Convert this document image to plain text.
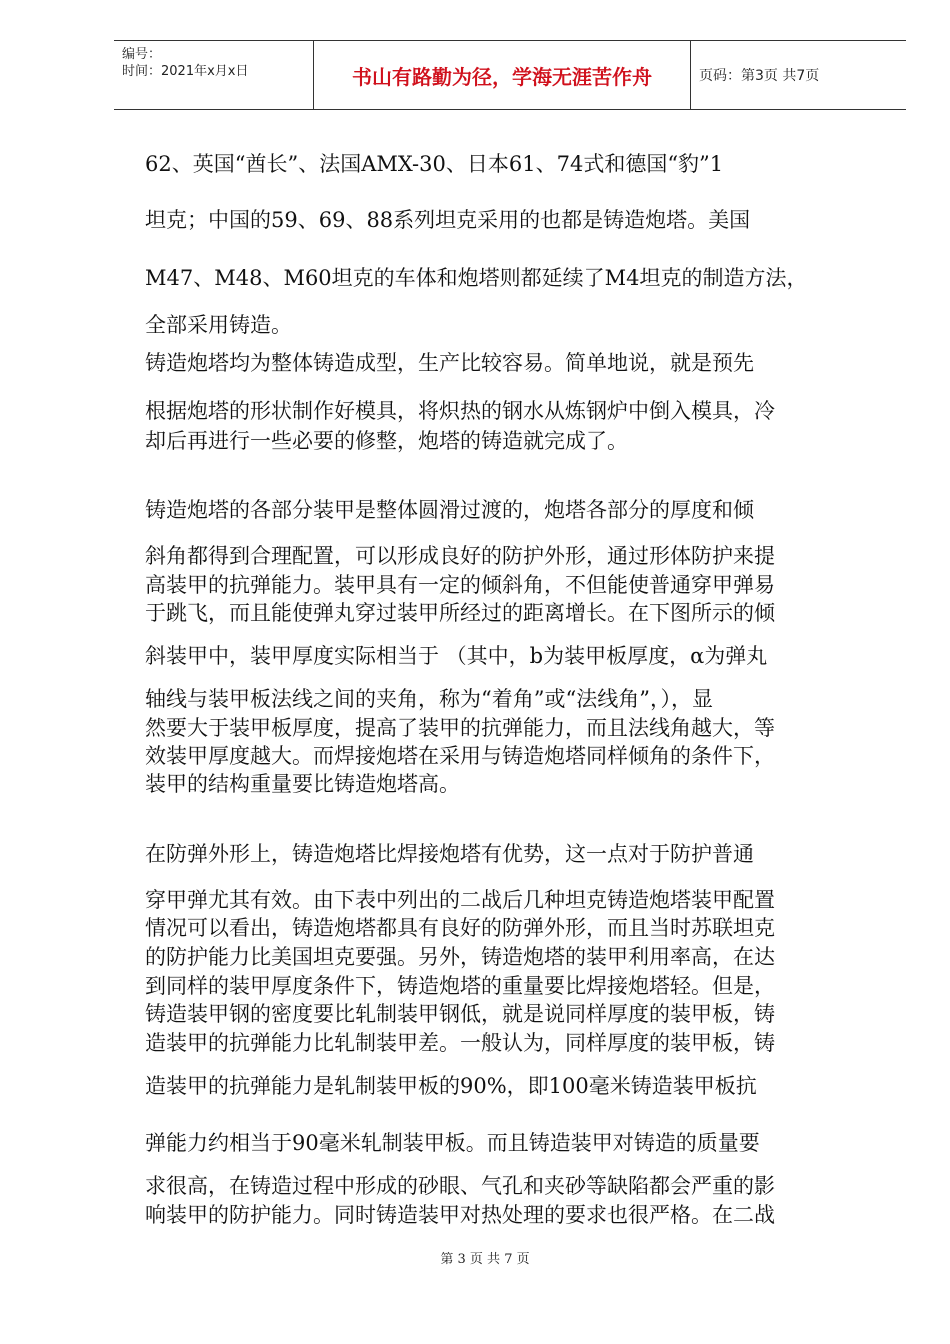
编号：
时间：2021年x月x日	书山有路勤为径，学海无涯苦作舟	页码：第3页 共7页
62、英国“酋长”、法国AMX-30、日本61、74式和德国“豹”1
坦克；中国的59、69、88系列坦克采用的也都是铸造炮塔。美国
M47、M48、M60坦克的车体和炮塔则都延续了M4坦克的制造方法，
全部采用铸造。
铸造炮塔均为整体铸造成型，生产比较容易。简单地说，就是预先
根据炮塔的形状制作好模具，将炽热的钢水从炼钢炉中倒入模具，冷
却后再进行一些必要的修整，炮塔的铸造就完成了。
铸造炮塔的各部分装甲是整体圆滑过渡的，炮塔各部分的厚度和倾
斜角都得到合理配置，可以形成良好的防护外形，通过形体防护来提
高装甲的抗弹能力。装甲具有一定的倾斜角，不但能使普通穿甲弹易
于跳飞，而且能使弹丸穿过装甲所经过的距离增长。在下图所示的倾
斜装甲中，装甲厚度实际相当于 （其中，b为装甲板厚度，α为弹丸
轴线与装甲板法线之间的夹角，称为“着角”或“法线角”，），显
然要大于装甲板厚度，提高了装甲的抗弹能力，而且法线角越大，等
效装甲厚度越大。而焊接炮塔在采用与铸造炮塔同样倾角的条件下，
装甲的结构重量要比铸造炮塔高。
在防弹外形上，铸造炮塔比焊接炮塔有优势，这一点对于防护普通
穿甲弹尤其有效。由下表中列出的二战后几种坦克铸造炮塔装甲配置
情况可以看出，铸造炮塔都具有良好的防弹外形，而且当时苏联坦克
的防护能力比美国坦克要强。另外，铸造炮塔的装甲利用率高，在达
到同样的装甲厚度条件下，铸造炮塔的重量要比焊接炮塔轻。但是，
铸造装甲钢的密度要比轧制装甲钢低，就是说同样厚度的装甲板，铸
造装甲的抗弹能力比轧制装甲差。一般认为，同样厚度的装甲板，铸
造装甲的抗弹能力是轧制装甲板的90%，即100毫米铸造装甲板抗
弹能力约相当于90毫米轧制装甲板。而且铸造装甲对铸造的质量要
求很高，在铸造过程中形成的砂眼、气孔和夹砂等缺陷都会严重的影
响装甲的防护能力。同时铸造装甲对热处理的要求也很严格。在二战
第 3 页 共 7 页
